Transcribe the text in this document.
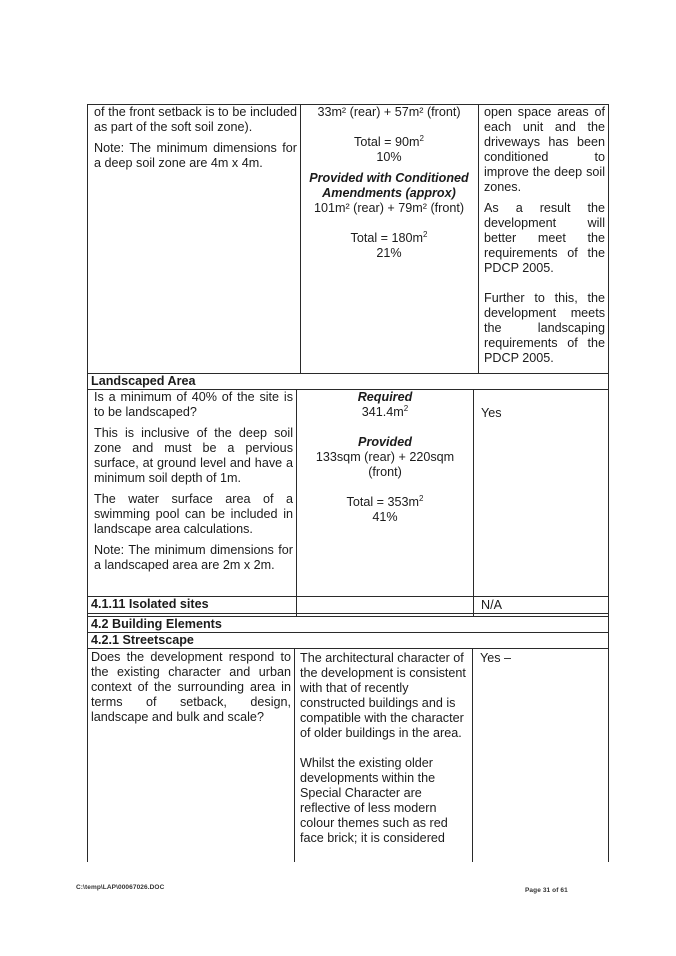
of the front setback is to be included as part of the soft soil zone).

Note: The minimum dimensions for a deep soil zone are 4m x 4m.

33m² (rear) + 57m² (front)

Total = $90m^2$

10%

Provided with Conditioned Amendments (approx)

101m² (rear) + 79m² (front)

Total = $180m^2$

21%

open space areas of each unit and the driveways has been conditioned to improve the deep soil zones.

As a result the development will better meet the requirements of the PDCP 2005.

Further to this, the development meets the landscaping requirements of the PDCP 2005.

Landscaped Area

Is a minimum of 40% of the site is to be landscaped?

This is inclusive of the deep soil zone and must be a pervious surface, at ground level and have a minimum soil depth of 1m.

The water surface area of a swimming pool can be included in landscape area calculations.

Note: The minimum dimensions for a landscaped area are 2m x 2m.

Required

$341.4m^2$

Provided

133sqm (rear) + 220sqm

(front)

Total = $353m^2$

41%

Yes
4.1.11 Isolated sites	N/A
4.2 Building Elements
4.2.1 Streetscape

Does the development respond to the existing character and urban context of the surrounding area in terms of setback, design, landscape and bulk and scale?

The architectural character of the development is consistent with that of recently constructed buildings and is compatible with the character of older buildings in the area.

Whilst the existing older developments within the Special Character are reflective of less modern colour themes such as red face brick; it is considered

Yes –
C:\temp\LAP\00067026.DOC	Page 31 of 61
